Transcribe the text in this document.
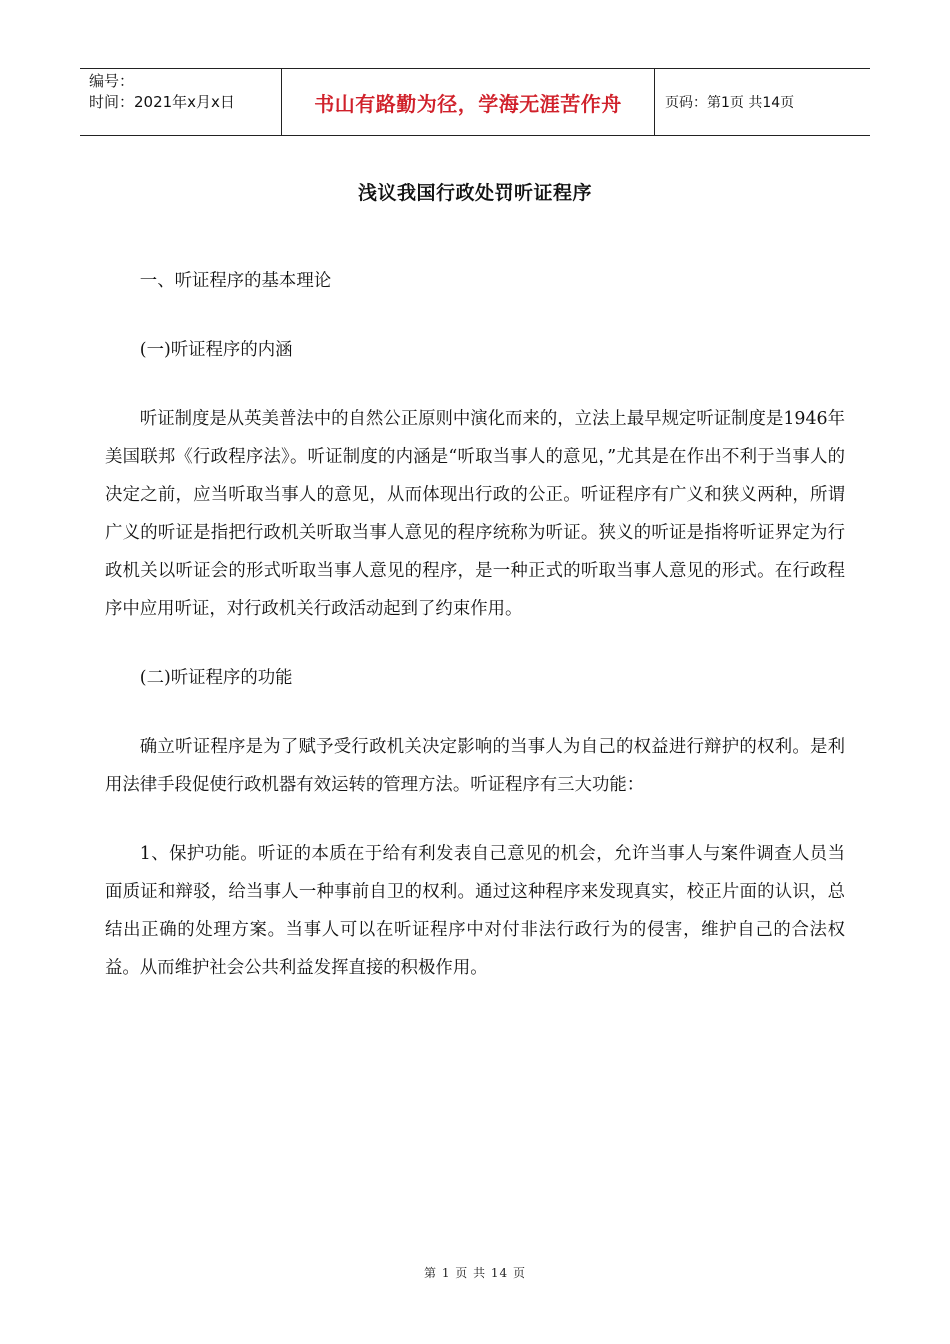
编号：
时间：2021年x月x日	书山有路勤为径，学海无涯苦作舟	页码：第1页 共14页
浅议我国行政处罚听证程序

一、听证程序的基本理论

(一)听证程序的内涵

听证制度是从英美普法中的自然公正原则中演化而来的，立法上最早规定听证制度是1946年美国联邦《行政程序法》。听证制度的内涵是“听取当事人的意见，”尤其是在作出不利于当事人的决定之前，应当听取当事人的意见，从而体现出行政的公正。听证程序有广义和狭义两种，所谓广义的听证是指把行政机关听取当事人意见的程序统称为听证。狭义的听证是指将听证界定为行政机关以听证会的形式听取当事人意见的程序，是一种正式的听取当事人意见的形式。在行政程序中应用听证，对行政机关行政活动起到了约束作用。

(二)听证程序的功能

确立听证程序是为了赋予受行政机关决定影响的当事人为自己的权益进行辩护的权利。是利用法律手段促使行政机器有效运转的管理方法。听证程序有三大功能：

1、保护功能。听证的本质在于给有利发表自己意见的机会，允许当事人与案件调查人员当面质证和辩驳，给当事人一种事前自卫的权利。通过这种程序来发现真实，校正片面的认识，总结出正确的处理方案。当事人可以在听证程序中对付非法行政行为的侵害，维护自己的合法权益。从而维护社会公共利益发挥直接的积极作用。

第 1 页 共 14 页
